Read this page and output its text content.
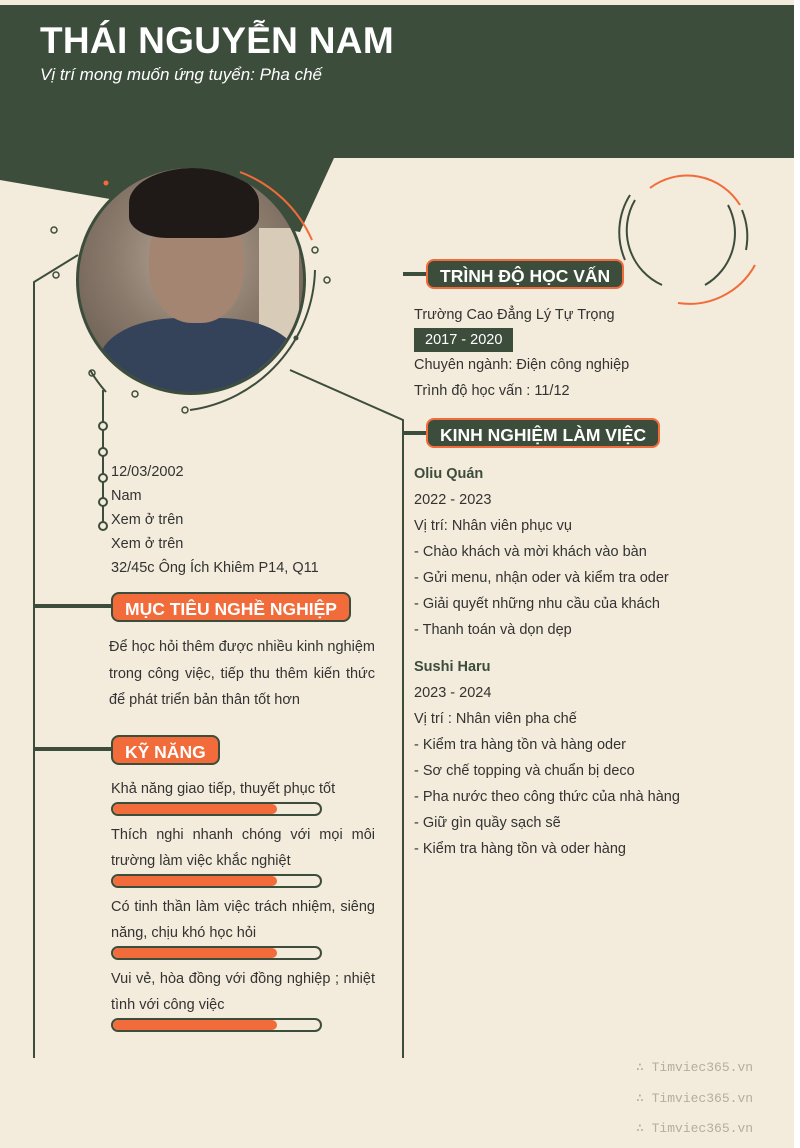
THÁI NGUYỄN NAM
Vị trí mong muốn ứng tuyển: Pha chế
TRÌNH ĐỘ HỌC VẤN
Trường Cao Đẳng Lý Tự Trọng
2017 - 2020
Chuyên ngành: Điện công nghiệp
Trình độ học vấn : 11/12
KINH NGHIỆM LÀM VIỆC
Oliu Quán
2022 - 2023
Vị trí: Nhân viên phục vụ
- Chào khách và mời khách vào bàn
- Gửi menu, nhận oder và kiểm tra oder
- Giải quyết những nhu cầu của khách
- Thanh toán và dọn dẹp
Sushi Haru
2023 - 2024
Vị trí : Nhân viên pha chế
- Kiểm tra hàng tồn và hàng oder
- Sơ chế topping và chuẩn bị deco
- Pha nước theo công thức của nhà hàng
- Giữ gìn quầy sạch sẽ
- Kiểm tra hàng tồn và oder hàng
12/03/2002
Nam
Xem ở trên
Xem ở trên
32/45c Ông Ích Khiêm P14, Q11
MỤC TIÊU NGHỀ NGHIỆP
Để học hỏi thêm được nhiều kinh nghiệm trong công việc, tiếp thu thêm kiến thức để phát triển bản thân tốt hơn
KỸ NĂNG
Khả năng giao tiếp, thuyết phục tốt
Thích nghi nhanh chóng với mọi môi trường làm việc khắc nghiệt
Có tinh thần làm việc trách nhiệm, siêng năng, chịu khó học hỏi
Vui vẻ, hòa đồng với đồng nghiệp ; nhiệt tình với công việc
∴ Timviec365.vn
∴ Timviec365.vn
∴ Timviec365.vn
